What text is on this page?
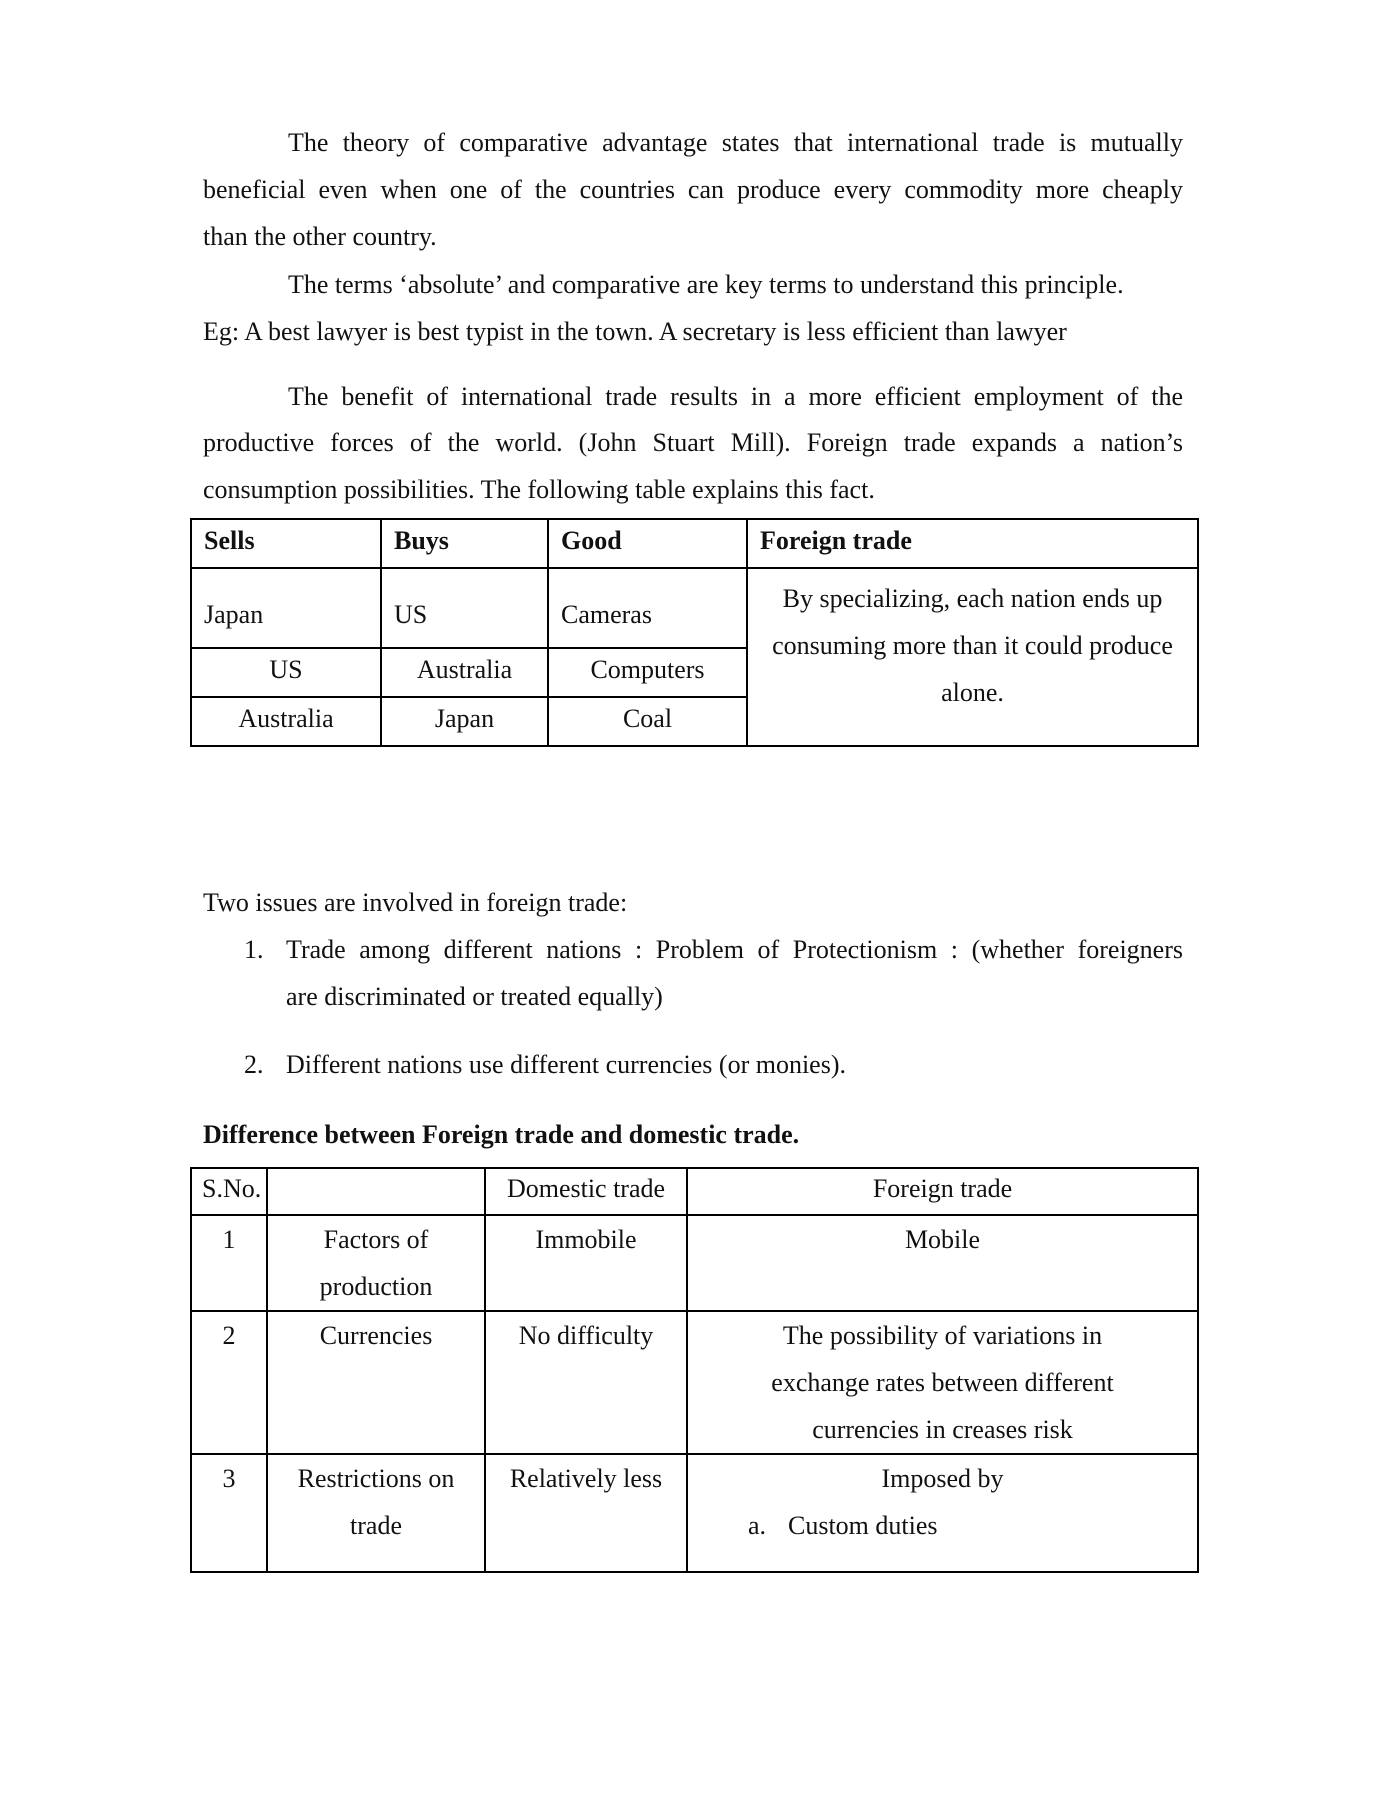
The theory of comparative advantage states that international trade is mutually
beneficial even when one of the countries can produce every commodity more cheaply
than the other country.
The terms ‘absolute’ and comparative are key terms to understand this principle.
Eg: A best lawyer is best typist in the town. A secretary is less efficient than lawyer
The benefit of international trade results in a more efficient employment of the
productive forces of the world. (John Stuart Mill). Foreign trade expands a nation’s
consumption possibilities. The following table explains this fact.
Sells	Buys	Good	Foreign trade
Japan	US	Cameras	By specializing, each nation ends up
consuming more than it could produce
alone.

US	Australia	Computers	
Australia	Japan	Coal	
Two issues are involved in foreign trade:
1. Trade among different nations : Problem of Protectionism : (whether foreigners
are discriminated or treated equally)
2. Different nations use different currencies (or monies).
Difference between Foreign trade and domestic trade.
S.No.		Domestic trade	Foreign trade
1	Factors of
production	Immobile	Mobile
2	Currencies	No difficulty	The possibility of variations in
exchange rates between different
currencies in creases risk

3	Restrictions on trade	Relatively less	Imposed by
a. Custom duties
